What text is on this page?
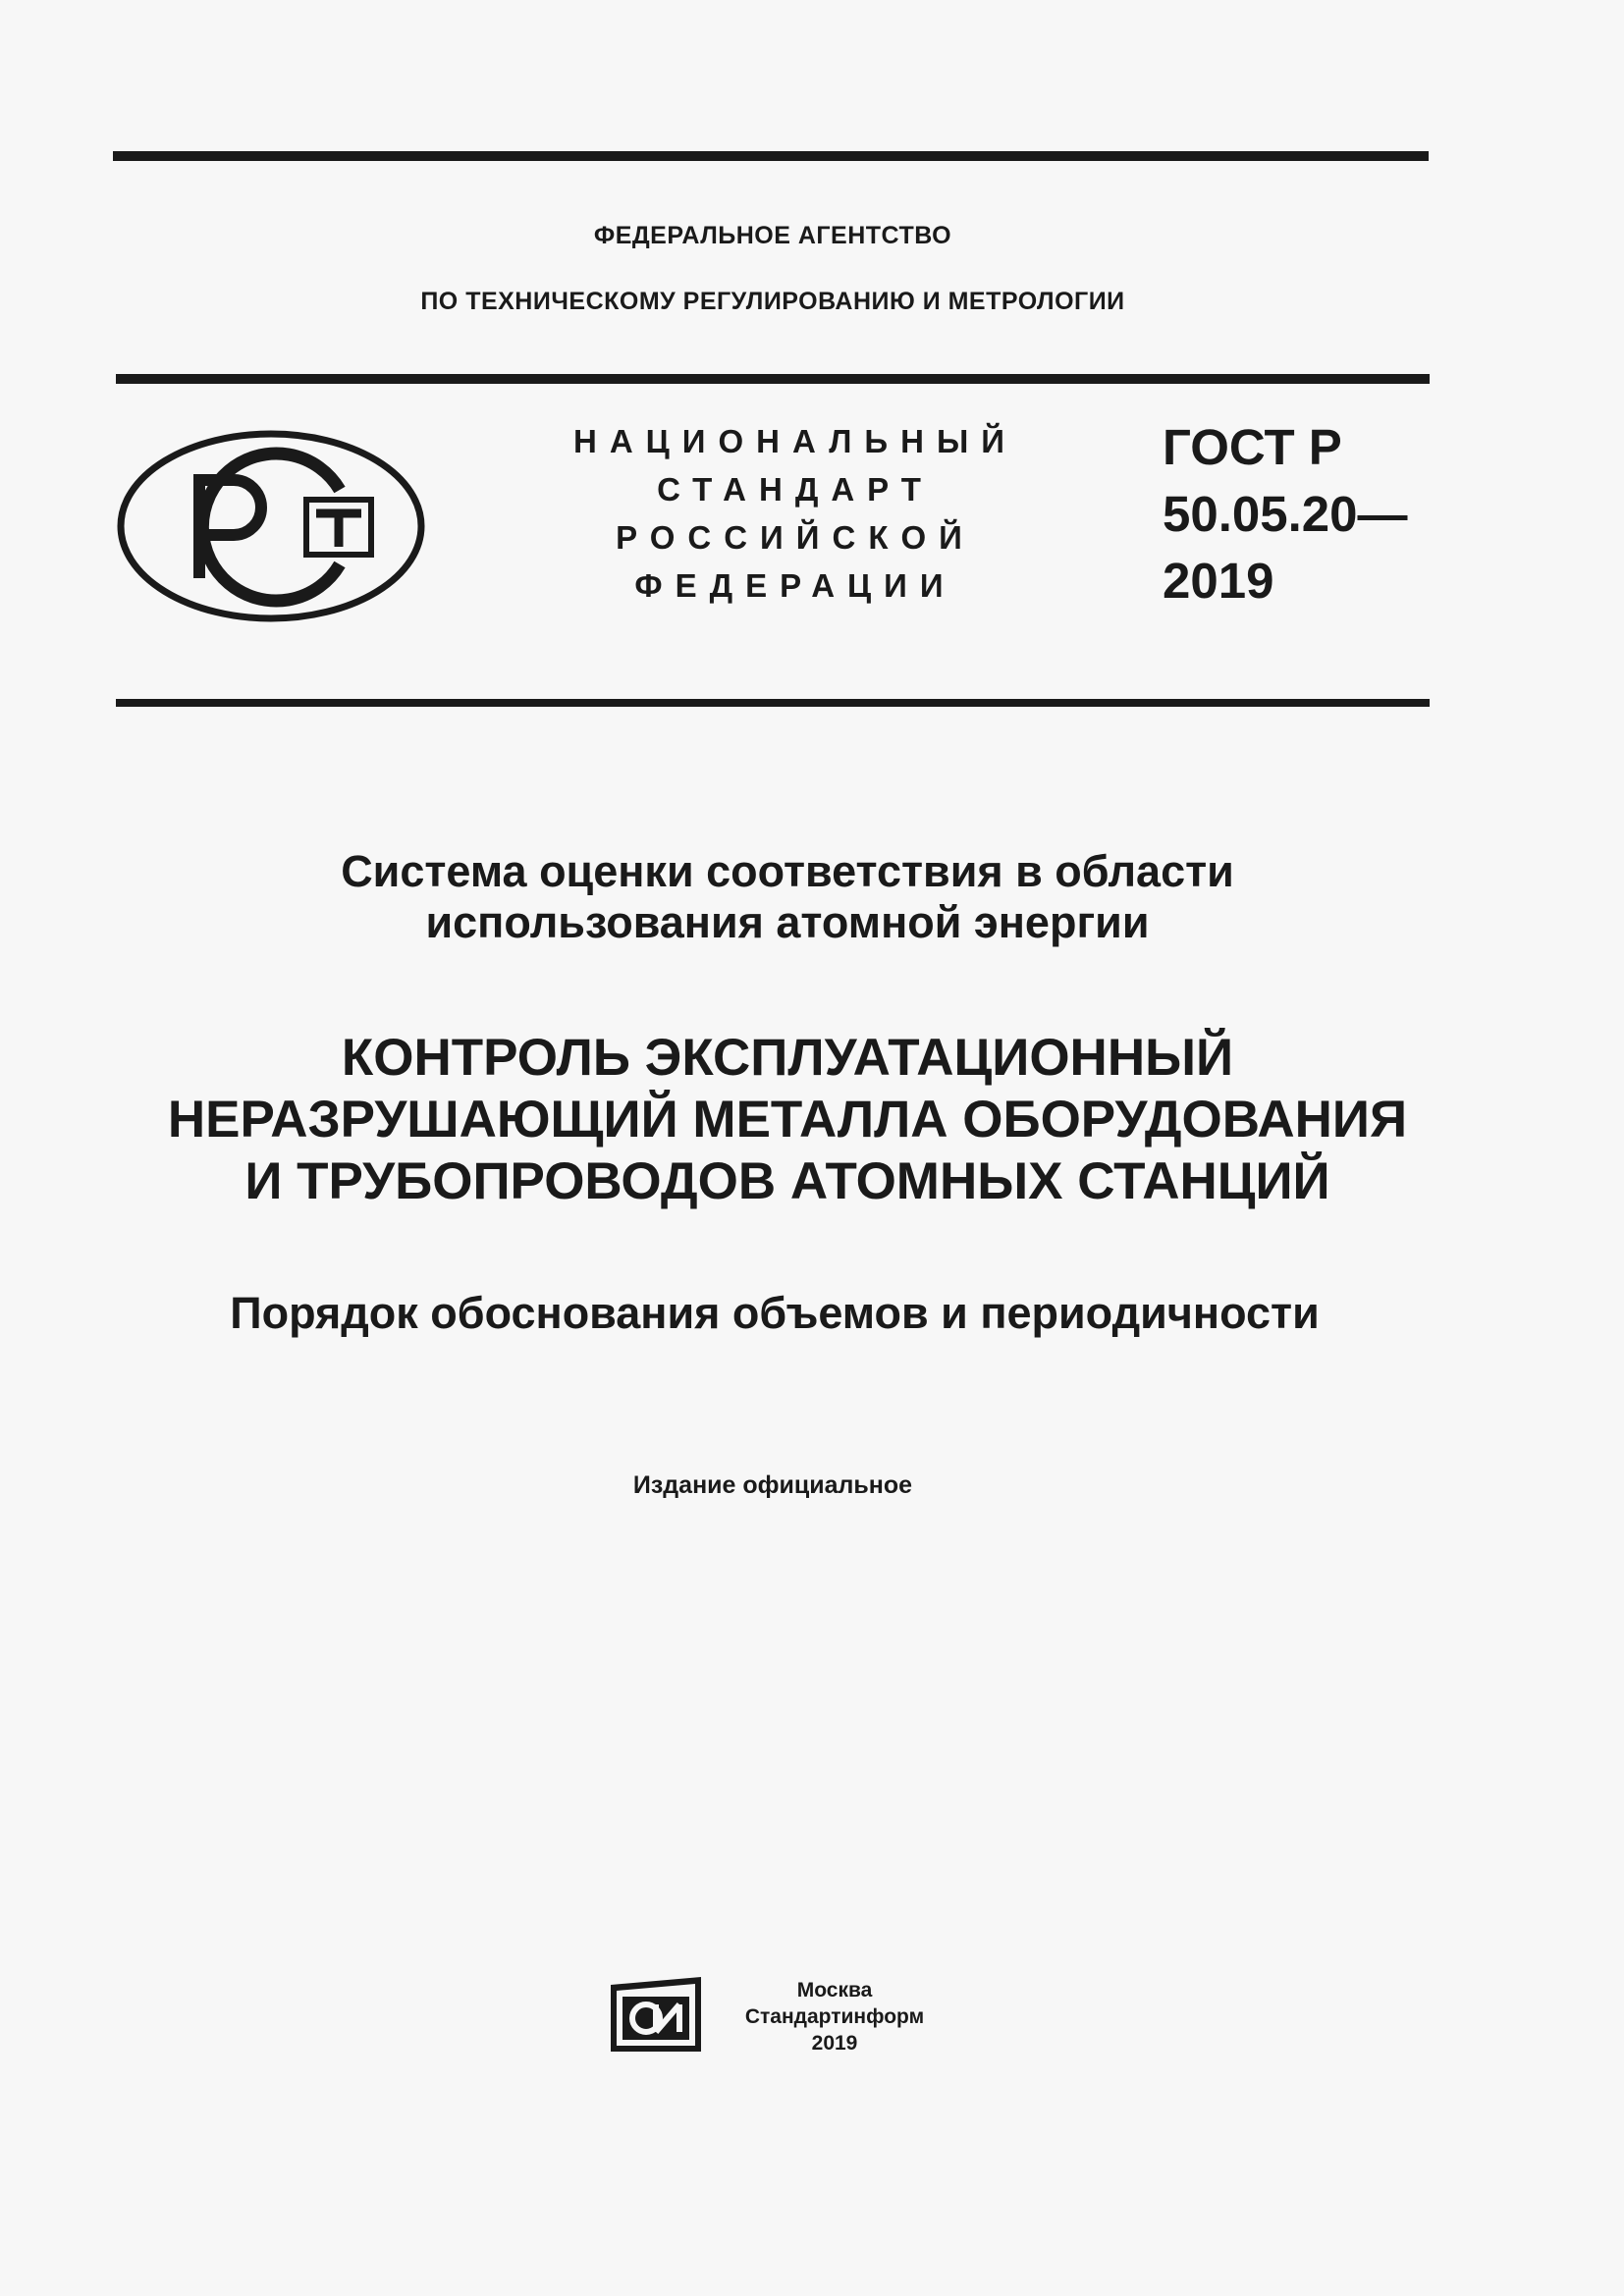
ФЕДЕРАЛЬНОЕ АГЕНТСТВО
ПО ТЕХНИЧЕСКОМУ РЕГУЛИРОВАНИЮ И МЕТРОЛОГИИ
НАЦИОНАЛЬНЫЙ
СТАНДАРТ
РОССИЙСКОЙ
ФЕДЕРАЦИИ
ГОСТ Р
50.05.20—
2019
Система оценки соответствия в области
использования атомной энергии
КОНТРОЛЬ ЭКСПЛУАТАЦИОННЫЙ
НЕРАЗРУШАЮЩИЙ МЕТАЛЛА ОБОРУДОВАНИЯ
И ТРУБОПРОВОДОВ АТОМНЫХ СТАНЦИЙ
Порядок обоснования объемов и периодичности
Издание официальное
Москва
Стандартинформ
2019
